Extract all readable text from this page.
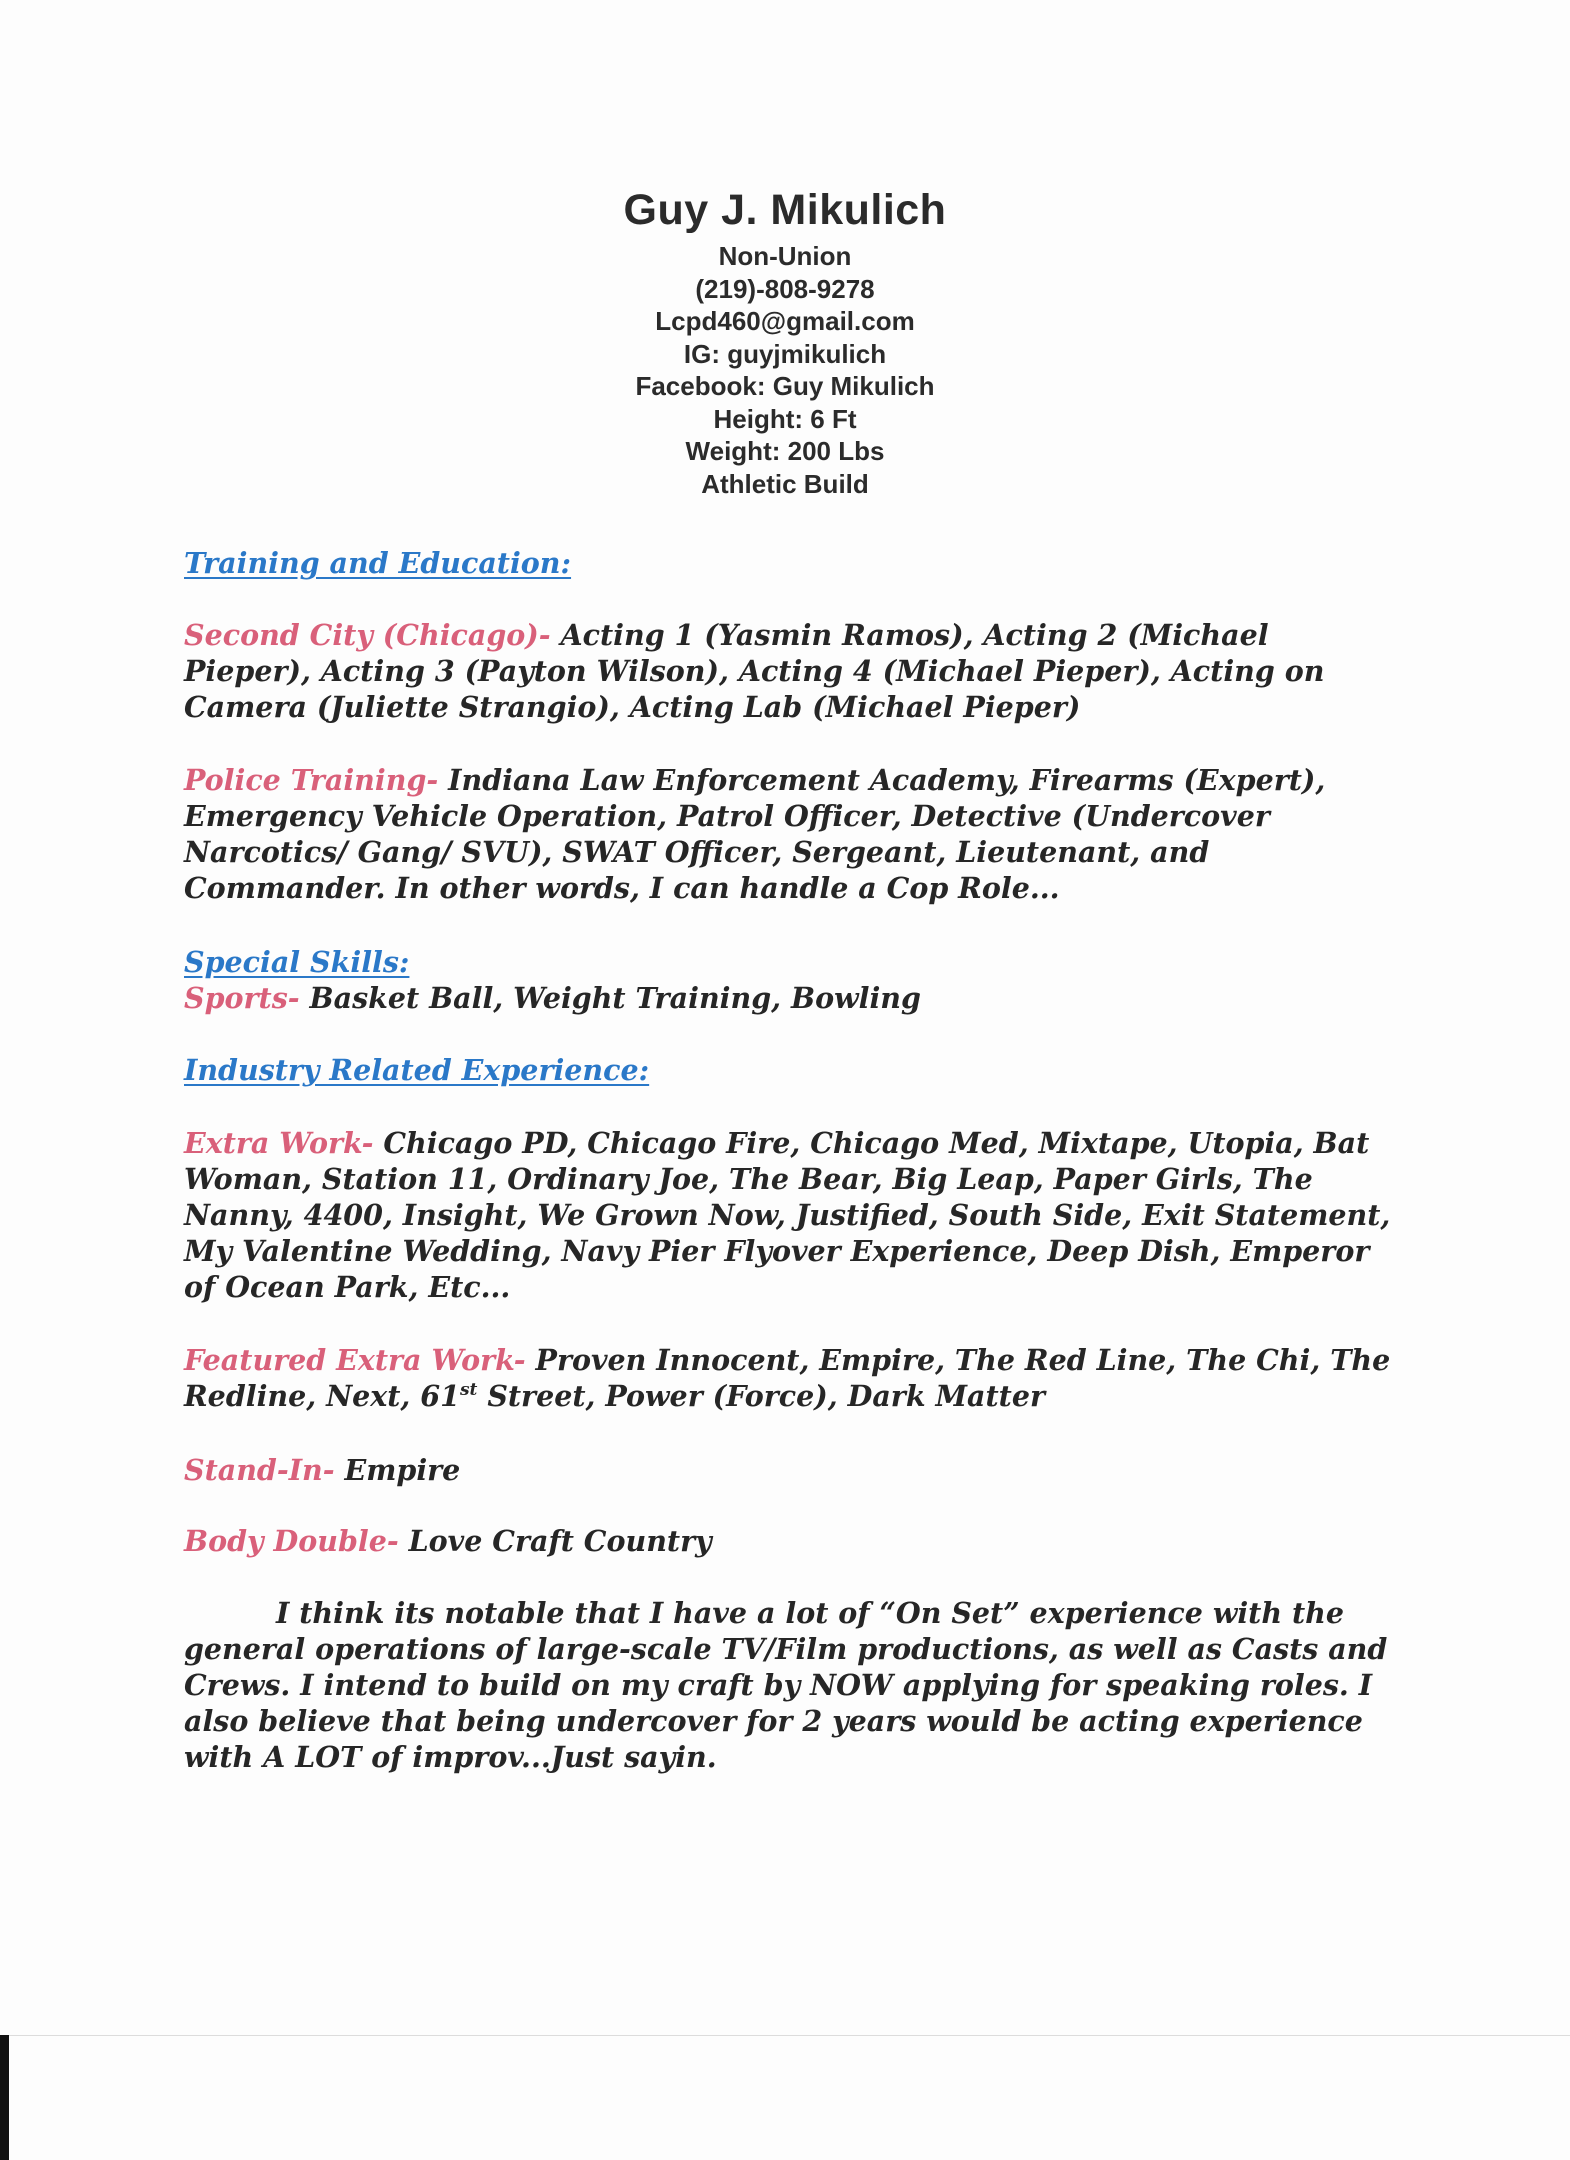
Guy J. Mikulich
Non-Union
(219)-808-9278
Lcpd460@gmail.com
IG: guyjmikulich
Facebook: Guy Mikulich
Height: 6 Ft
Weight: 200 Lbs
Athletic Build
Training and Education:
Second City (Chicago)- Acting 1 (Yasmin Ramos), Acting 2 (Michael Pieper), Acting 3 (Payton Wilson), Acting 4 (Michael Pieper), Acting on Camera (Juliette Strangio), Acting Lab (Michael Pieper)
Police Training- Indiana Law Enforcement Academy, Firearms (Expert), Emergency Vehicle Operation, Patrol Officer, Detective (Undercover Narcotics/ Gang/ SVU), SWAT Officer, Sergeant, Lieutenant, and Commander. In other words, I can handle a Cop Role...
Special Skills:
Sports- Basket Ball, Weight Training, Bowling
Industry Related Experience:
Extra Work- Chicago PD, Chicago Fire, Chicago Med, Mixtape, Utopia, Bat Woman, Station 11, Ordinary Joe, The Bear, Big Leap, Paper Girls, The Nanny, 4400, Insight, We Grown Now, Justified, South Side, Exit Statement, My Valentine Wedding, Navy Pier Flyover Experience, Deep Dish, Emperor of Ocean Park, Etc...
Featured Extra Work- Proven Innocent, Empire, The Red Line, The Chi, The Redline, Next, 61st Street, Power (Force), Dark Matter
Stand-In- Empire
Body Double- Love Craft Country
I think its notable that I have a lot of “On Set” experience with the general operations of large-scale TV/Film productions, as well as Casts and Crews. I intend to build on my craft by NOW applying for speaking roles. I also believe that being undercover for 2 years would be acting experience with A LOT of improv...Just sayin.
